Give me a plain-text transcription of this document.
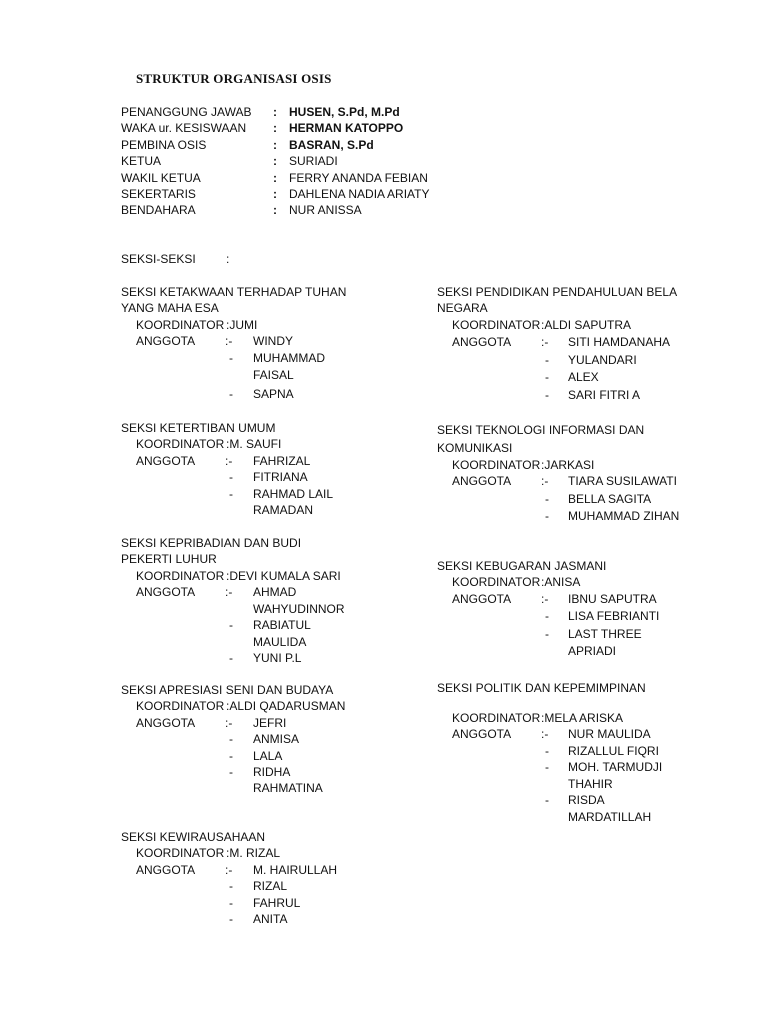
STRUKTUR ORGANISASI OSIS
PENANGGUNG JAWAB : HUSEN, S.Pd, M.Pd
WAKA ur. KESISWAAN : HERMAN KATOPPO
PEMBINA OSIS	: BASRAN, S.Pd
KETUA	: SURIADI
WAKIL KETUA	: FERRY ANANDA FEBIAN
SEKERTARIS	: DAHLENA NADIA ARIATY
BENDAHARA	: NUR ANISSA
SEKSI-SEKSI	:
SEKSI KETAKWAAN TERHADAP TUHAN YANG MAHA ESA
KOORDINATOR :JUMI
ANGGOTA :- WINDY
- MUHAMMAD FAISAL
- SAPNA
SEKSI KETERTIBAN UMUM
KOORDINATOR :M. SAUFI
ANGGOTA :- FAHRIZAL
- FITRIANA
- RAHMAD LAIL RAMADAN
SEKSI KEPRIBADIAN DAN BUDI PEKERTI LUHUR
KOORDINATOR :DEVI KUMALA SARI
ANGGOTA :- AHMAD WAHYUDINNOR
- RABIATUL MAULIDA
- YUNI P.L
SEKSI APRESIASI SENI DAN BUDAYA
KOORDINATOR :ALDI QADARUSMAN
ANGGOTA :- JEFRI
- ANMISA
- LALA
- RIDHA RAHMATINA
SEKSI KEWIRAUSAHAAN
KOORDINATOR :M. RIZAL
ANGGOTA :- M. HAIRULLAH
- RIZAL
- FAHRUL
- ANITA
SEKSI PENDIDIKAN PENDAHULUAN BELA NEGARA
KOORDINATOR :ALDI SAPUTRA
ANGGOTA :- SITI HAMDANAHA
- YULANDARI
- ALEX
- SARI FITRI A
SEKSI TEKNOLOGI INFORMASI DAN KOMUNIKASI
KOORDINATOR :JARKASI
ANGGOTA :- TIARA SUSILAWATI
- BELLA SAGITA
- MUHAMMAD ZIHAN
SEKSI KEBUGARAN JASMANI
KOORDINATOR :ANISA
ANGGOTA :- IBNU SAPUTRA
- LISA FEBRIANTI
- LAST THREE APRIADI
SEKSI POLITIK DAN KEPEMIMPINAN
KOORDINATOR :MELA ARISKA
ANGGOTA :- NUR MAULIDA
- RIZALLUL FIQRI
- MOH. TARMUDJI THAHIR
- RISDA MARDATILLAH
